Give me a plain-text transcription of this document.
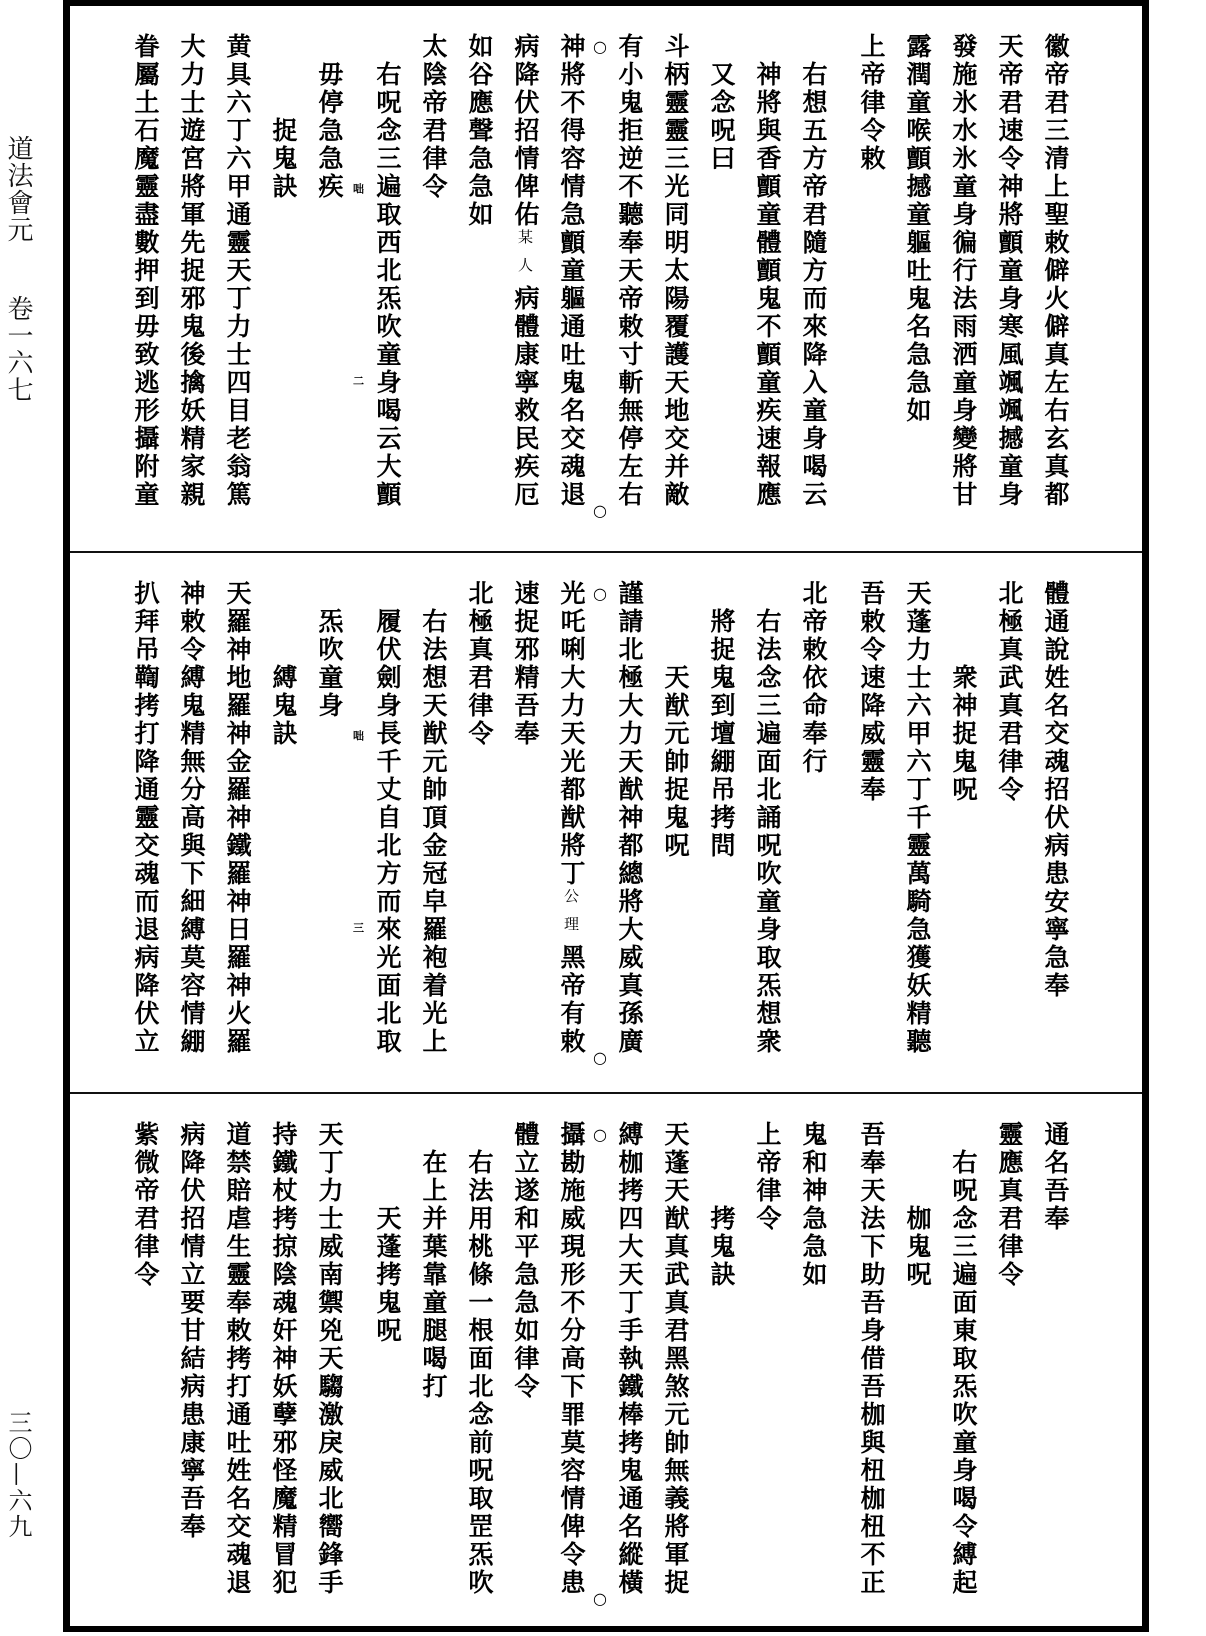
道法會元
卷一六七
三〇—六九
徽帝君三清上聖敕僻火僻真左右玄真都
天帝君速令神將顫童身寒風颯颯撼童身
發施氷水氷童身徧行法雨洒童身變將甘
露潤童喉顫撼童軀吐鬼名急急如
上帝律令敕
右想五方帝君隨方而來降入童身喝云
神將與香顫童體顫鬼不顫童疾速報應
又念呪曰
斗柄靈靈三光同明太陽覆護天地交并敵
有小鬼拒逆不聽奉天帝敕寸斬無停左右
○
○
神將不得容情急顫童軀通吐鬼名交魂退
病降伏招情俾佑某人病體康寧救民疾厄
如谷應聲急急如
太陰帝君律令
右呪念三遍取西北炁吹童身喝云大顫
咄
二
毋停急急疾
捉鬼訣
黄具六丁六甲通靈天丁力士四目老翁篤
大力士遊宮將軍先捉邪鬼後擒妖精家親
眷屬土石魔靈盡數押到毋致逃形攝附童
體通說姓名交魂招伏病患安寧急奉
北極真武真君律令
衆神捉鬼呪
天蓬力士六甲六丁千靈萬騎急獲妖精聽
吾敕令速降威靈奉
北帝敕依命奉行
右法念三遍面北誦呪吹童身取炁想衆
將捉鬼到壇綳吊拷問
天猷元帥捉鬼呪
謹請北極大力天猷神都總將大威真孫廣
○
○
光吒唎大力天光都猷將丁公理黑帝有敕
速捉邪精吾奉
北極真君律令
右法想天猷元帥頂金冠皁羅袍着光上
履伏劍身長千丈自北方而來光面北取
咄
三
炁吹童身
縛鬼訣
天羅神地羅神金羅神鐵羅神日羅神火羅
神敕令縛鬼精無分高與下細縛莫容情綳
扒拜吊鞫拷打降通靈交魂而退病降伏立
通名吾奉
靈應真君律令
右呪念三遍面東取炁吹童身喝令縛起
枷鬼呪
吾奉天法下助吾身借吾枷與杻枷杻不正
鬼和神急急如
上帝律令
拷鬼訣
天蓬天猷真武真君黑煞元帥無義將軍捉
縛枷拷四大天丁手執鐵棒拷鬼通名縱橫
○
○
攝勘施威現形不分高下罪莫容情俾令患
體立遂和平急急如律令
右法用桃條一根面北念前呪取罡炁吹
在上并葉靠童腿喝打
天蓬拷鬼呪
天丁力士威南禦兇天騶激戾威北嚮鋒手
持鐵杖拷掠陰魂奸神妖孽邪怪魔精冒犯
道禁賠虐生靈奉敕拷打通吐姓名交魂退
病降伏招情立要甘結病患康寧吾奉
紫微帝君律令
